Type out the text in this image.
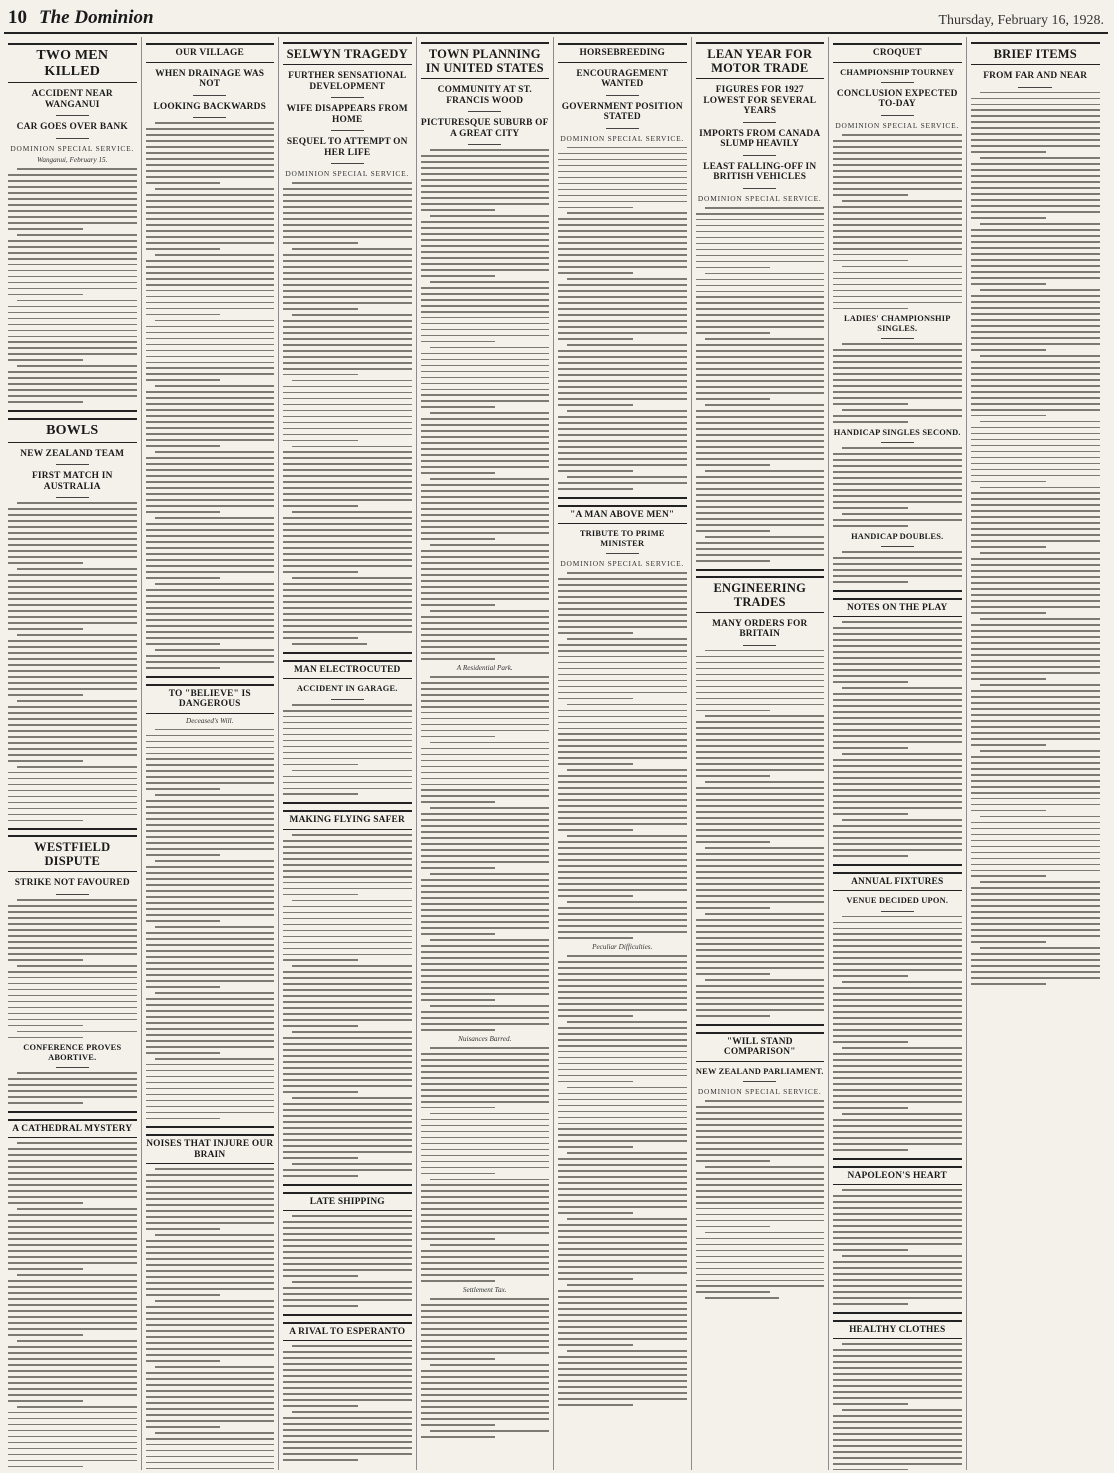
10 The Dominion	Thursday, February 16, 1928.
TWO MEN KILLED
ACCIDENT NEAR WANGANUI
CAR GOES OVER BANK
DOMINION SPECIAL SERVICE.
Wanganui, February 15.
BOWLS
NEW ZEALAND TEAM
FIRST MATCH IN AUSTRALIA
WESTFIELD DISPUTE
STRIKE NOT FAVOURED
CONFERENCE PROVES ABORTIVE.
A CATHEDRAL MYSTERY
OUR VILLAGE
WHEN DRAINAGE WAS NOT
LOOKING BACKWARDS
TO "BELIEVE" IS DANGEROUS
Deceased's Will.
NOISES THAT INJURE OUR BRAIN
SELWYN TRAGEDY
FURTHER SENSATIONAL DEVELOPMENT
WIFE DISAPPEARS FROM HOME
SEQUEL TO ATTEMPT ON HER LIFE
DOMINION SPECIAL SERVICE.
MAN ELECTROCUTED
ACCIDENT IN GARAGE.
MAKING FLYING SAFER
LATE SHIPPING
A RIVAL TO ESPERANTO
TOWN PLANNING IN UNITED STATES
COMMUNITY AT ST. FRANCIS WOOD
PICTURESQUE SUBURB OF A GREAT CITY
A Residential Park.
Nuisances Barred.
Settlement Tax.
HORSEBREEDING
ENCOURAGEMENT WANTED
GOVERNMENT POSITION STATED
DOMINION SPECIAL SERVICE.
"A MAN ABOVE MEN"
TRIBUTE TO PRIME MINISTER
DOMINION SPECIAL SERVICE.
Peculiar Difficulties.
LEAN YEAR FOR MOTOR TRADE
FIGURES FOR 1927 LOWEST FOR SEVERAL YEARS
IMPORTS FROM CANADA SLUMP HEAVILY
LEAST FALLING-OFF IN BRITISH VEHICLES
DOMINION SPECIAL SERVICE.
ENGINEERING TRADES
MANY ORDERS FOR BRITAIN
"WILL STAND COMPARISON"
NEW ZEALAND PARLIAMENT.
DOMINION SPECIAL SERVICE.
CROQUET
CHAMPIONSHIP TOURNEY
CONCLUSION EXPECTED TO-DAY
DOMINION SPECIAL SERVICE.
LADIES' CHAMPIONSHIP SINGLES.
HANDICAP SINGLES SECOND.
HANDICAP DOUBLES.
NOTES ON THE PLAY
ANNUAL FIXTURES
VENUE DECIDED UPON.
NAPOLEON'S HEART
HEALTHY CLOTHES
BRIEF ITEMS
FROM FAR AND NEAR
